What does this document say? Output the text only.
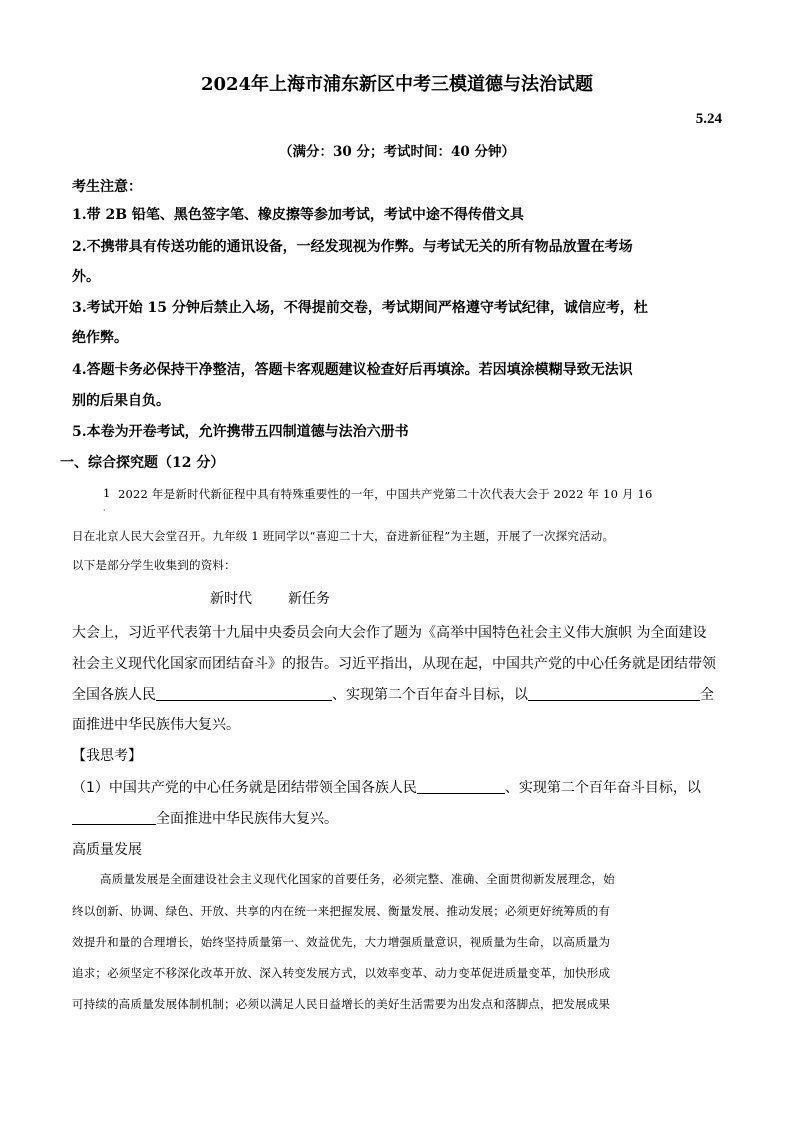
2024年上海市浦东新区中考三模道德与法治试题
5.24
（满分：30 分；考试时间：40 分钟）
考生注意：
1.带 2B 铅笔、黑色签字笔、橡皮擦等参加考试，考试中途不得传借文具
2.不携带具有传送功能的通讯设备，一经发现视为作弊。与考试无关的所有物品放置在考场
外。
3.考试开始 15 分钟后禁止入场，不得提前交卷，考试期间严格遵守考试纪律，诚信应考，杜
绝作弊。
4.答题卡务必保持干净整洁，答题卡客观题建议检查好后再填涂。若因填涂模糊导致无法识
别的后果自负。
5.本卷为开卷考试，允许携带五四制道德与法治六册书
一、综合探究题（12 分）
1
·
2022 年是新时代新征程中具有特殊重要性的一年，中国共产党第二十次代表大会于 2022 年 10 月 16
日在北京人民大会堂召开。九年级 1 班同学以“喜迎二十大，奋进新征程”为主题，开展了一次探究活动。
以下是部分学生收集到的资料：
新时代	新任务
大会上，习近平代表第十九届中央委员会向大会作了题为《高举中国特色社会主义伟大旗帜 为全面建设
社会主义现代化国家而团结奋斗》的报告。习近平指出，从现在起，中国共产党的中心任务就是团结带领
全国各族人民	、实现第二个百年奋斗目标，以	全
面推进中华民族伟大复兴。
【我思考】
（1）中国共产党的中心任务就是团结带领全国各族人民	、实现第二个百年奋斗目标，以
全面推进中华民族伟大复兴。
高质量发展
高质量发展是全面建设社会主义现代化国家的首要任务，必须完整、准确、全面贯彻新发展理念，始
终以创新、协调、绿色、开放、共享的内在统一来把握发展、衡量发展、推动发展；必须更好统筹质的有
效提升和量的合理增长，始终坚持质量第一、效益优先，大力增强质量意识，视质量为生命，以高质量为
追求；必须坚定不移深化改革开放、深入转变发展方式，以效率变革、动力变革促进质量变革，加快形成
可持续的高质量发展体制机制；必须以满足人民日益增长的美好生活需要为出发点和落脚点，把发展成果
